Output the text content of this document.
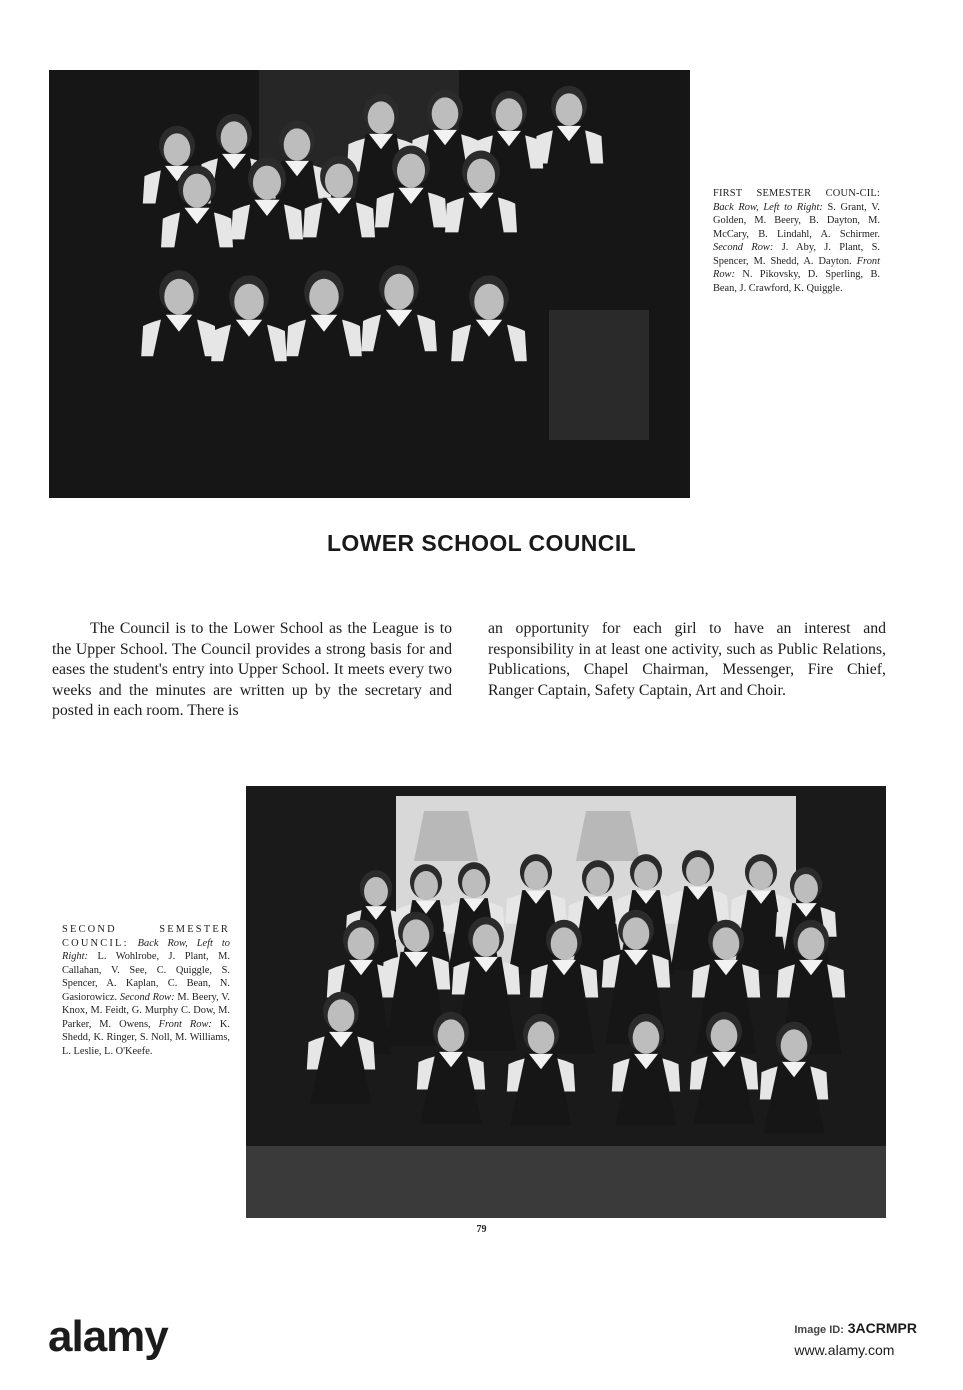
FIRST SEMESTER COUN-CIL: Back Row, Left to Right: S. Grant, V. Golden, M. Beery, B. Dayton, M. McCary, B. Lindahl, A. Schirmer. Second Row: J. Aby, J. Plant, S. Spencer, M. Shedd, A. Dayton. Front Row: N. Pikovsky, D. Sperling, B. Bean, J. Crawford, K. Quiggle.
LOWER SCHOOL COUNCIL
The Council is to the Lower School as the League is to the Upper School. The Council provides a strong basis for and eases the student's entry into Upper School. It meets every two weeks and the minutes are written up by the secretary and posted in each room. There is
an opportunity for each girl to have an interest and responsibility in at least one activity, such as Public Relations, Publications, Chapel Chairman, Messenger, Fire Chief, Ranger Captain, Safety Captain, Art and Choir.
SECOND SEMESTER COUNCIL: Back Row, Left to Right: L. Wohlrobe, J. Plant, M. Callahan, V. See, C. Quiggle, S. Spencer, A. Kaplan, C. Bean, N. Gasiorowicz. Second Row: M. Beery, V. Knox, M. Feidt, G. Murphy C. Dow, M. Parker, M. Owens, Front Row: K. Shedd, K. Ringer, S. Noll, M. Williams, L. Leslie, L. O'Keefe.
79
alamy	Image ID: 3ACRMPR
www.alamy.com
